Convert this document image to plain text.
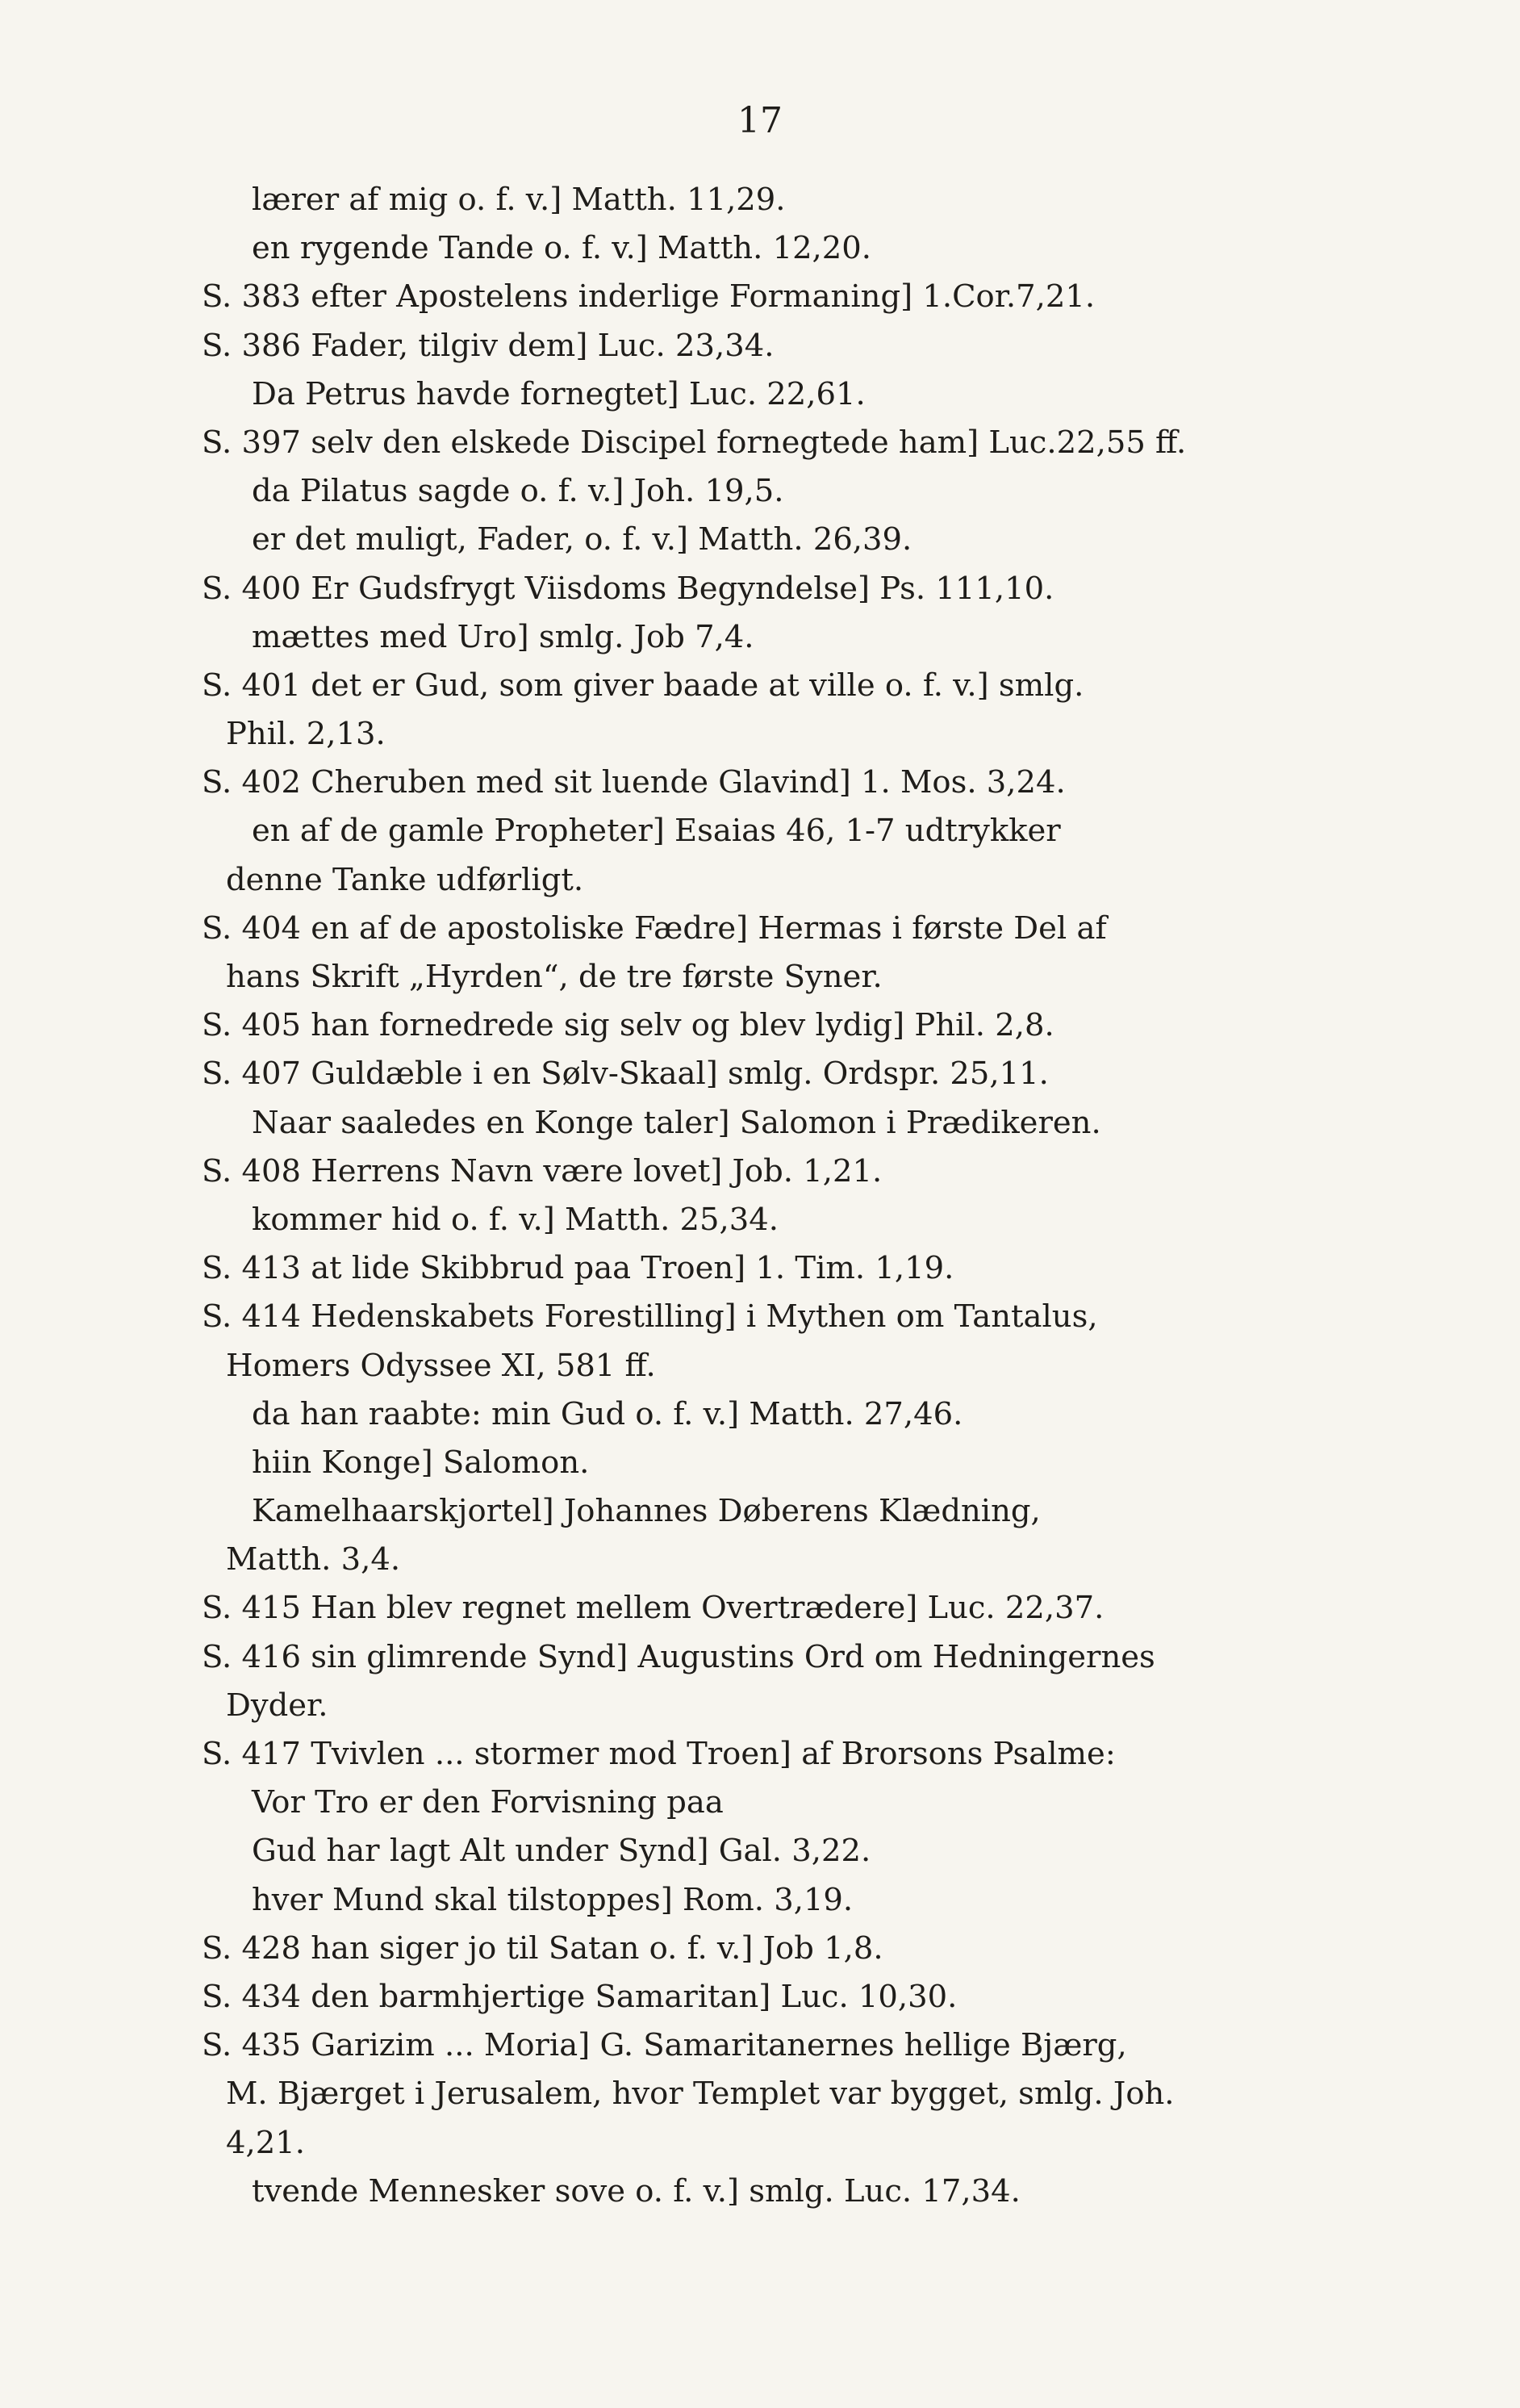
17
lærer af mig o. f. v.] Matth. 11,29.
en rygende Tande o. f. v.] Matth. 12,20.
S. 383 efter Apostelens inderlige Formaning] 1.Cor.7,21.
S. 386 Fader, tilgiv dem] Luc. 23,34.
Da Petrus havde fornegtet] Luc. 22,61.
S. 397 selv den elskede Discipel fornegtede ham] Luc.22,55 ff.
da Pilatus sagde o. f. v.] Joh. 19,5.
er det muligt, Fader, o. f. v.] Matth. 26,39.
S. 400 Er Gudsfrygt Viisdoms Begyndelse] Ps. 111,10.
mættes med Uro] smlg. Job 7,4.
S. 401 det er Gud, som giver baade at ville o. f. v.] smlg.
Phil. 2,13.
S. 402 Cheruben med sit luende Glavind] 1. Mos. 3,24.
en af de gamle Propheter] Esaias 46, 1-7 udtrykker
denne Tanke udførligt.
S. 404 en af de apostoliske Fædre] Hermas i første Del af
hans Skrift „Hyrden“, de tre første Syner.
S. 405 han fornedrede sig selv og blev lydig] Phil. 2,8.
S. 407 Guldæble i en Sølv-Skaal] smlg. Ordspr. 25,11.
Naar saaledes en Konge taler] Salomon i Prædikeren.
S. 408 Herrens Navn være lovet] Job. 1,21.
kommer hid o. f. v.] Matth. 25,34.
S. 413 at lide Skibbrud paa Troen] 1. Tim. 1,19.
S. 414 Hedenskabets Forestilling] i Mythen om Tantalus,
Homers Odyssee XI, 581 ff.
da han raabte: min Gud o. f. v.] Matth. 27,46.
hiin Konge] Salomon.
Kamelhaarskjortel] Johannes Døberens Klædning,
Matth. 3,4.
S. 415 Han blev regnet mellem Overtrædere] Luc. 22,37.
S. 416 sin glimrende Synd] Augustins Ord om Hedningernes
Dyder.
S. 417 Tvivlen ... stormer mod Troen] af Brorsons Psalme:
Vor Tro er den Forvisning paa
Gud har lagt Alt under Synd] Gal. 3,22.
hver Mund skal tilstoppes] Rom. 3,19.
S. 428 han siger jo til Satan o. f. v.] Job 1,8.
S. 434 den barmhjertige Samaritan] Luc. 10,30.
S. 435 Garizim ... Moria] G. Samaritanernes hellige Bjærg,
M. Bjærget i Jerusalem, hvor Templet var bygget, smlg. Joh.
4,21.
tvende Mennesker sove o. f. v.] smlg. Luc. 17,34.
